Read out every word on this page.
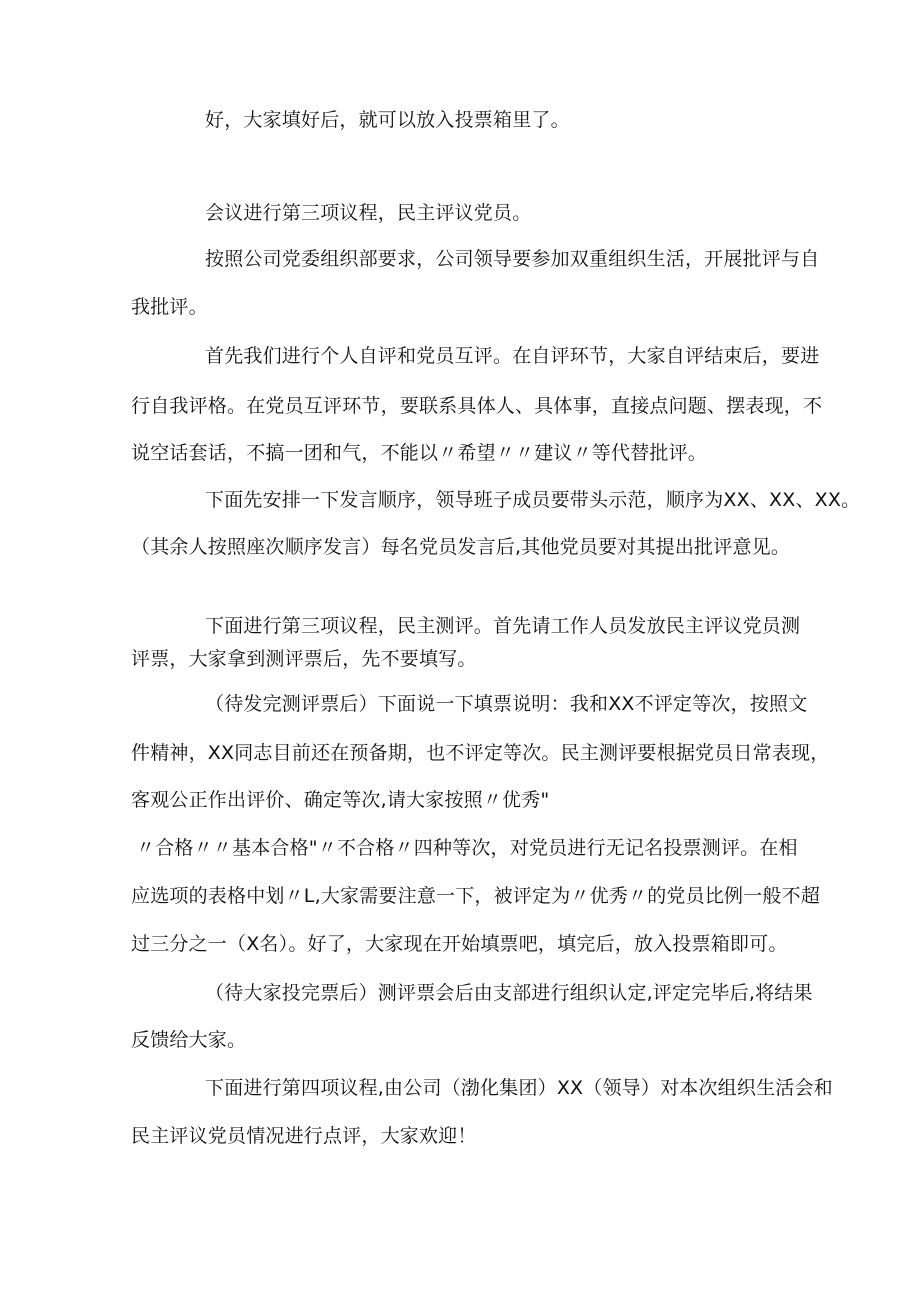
好，大家填好后，就可以放入投票箱里了。
会议进行第三项议程，民主评议党员。
按照公司党委组织部要求，公司领导要参加双重组织生活，开展批评与自
我批评。
首先我们进行个人自评和党员互评。在自评环节，大家自评结束后，要进
行自我评格。在党员互评环节，要联系具体人、具体事，直接点问题、摆表现，不
说空话套话，不搞一团和气，不能以〃希望〃〃建议〃等代替批评。
下面先安排一下发言顺序，领导班子成员要带头示范，顺序为XX、XX、XX。
（其余人按照座次顺序发言）每名党员发言后,其他党员要对其提出批评意见。
下面进行第三项议程，民主测评。首先请工作人员发放民主评议党员测
评票，大家拿到测评票后，先不要填写。
（待发完测评票后）下面说一下填票说明：我和XX不评定等次，按照文
件精神，XX同志目前还在预备期，也不评定等次。民主测评要根据党员日常表现，
客观公正作出评价、确定等次,请大家按照〃优秀"
〃合格〃〃基本合格"〃不合格〃四种等次，对党员进行无记名投票测评。在相
应选项的表格中划〃L,大家需要注意一下，被评定为〃优秀〃的党员比例一般不超
过三分之一（X名）。好了，大家现在开始填票吧，填完后，放入投票箱即可。
（待大家投完票后）测评票会后由支部进行组织认定,评定完毕后,将结果
反馈给大家。
下面进行第四项议程,由公司（渤化集团）XX（领导）对本次组织生活会和
民主评议党员情况进行点评，大家欢迎！
